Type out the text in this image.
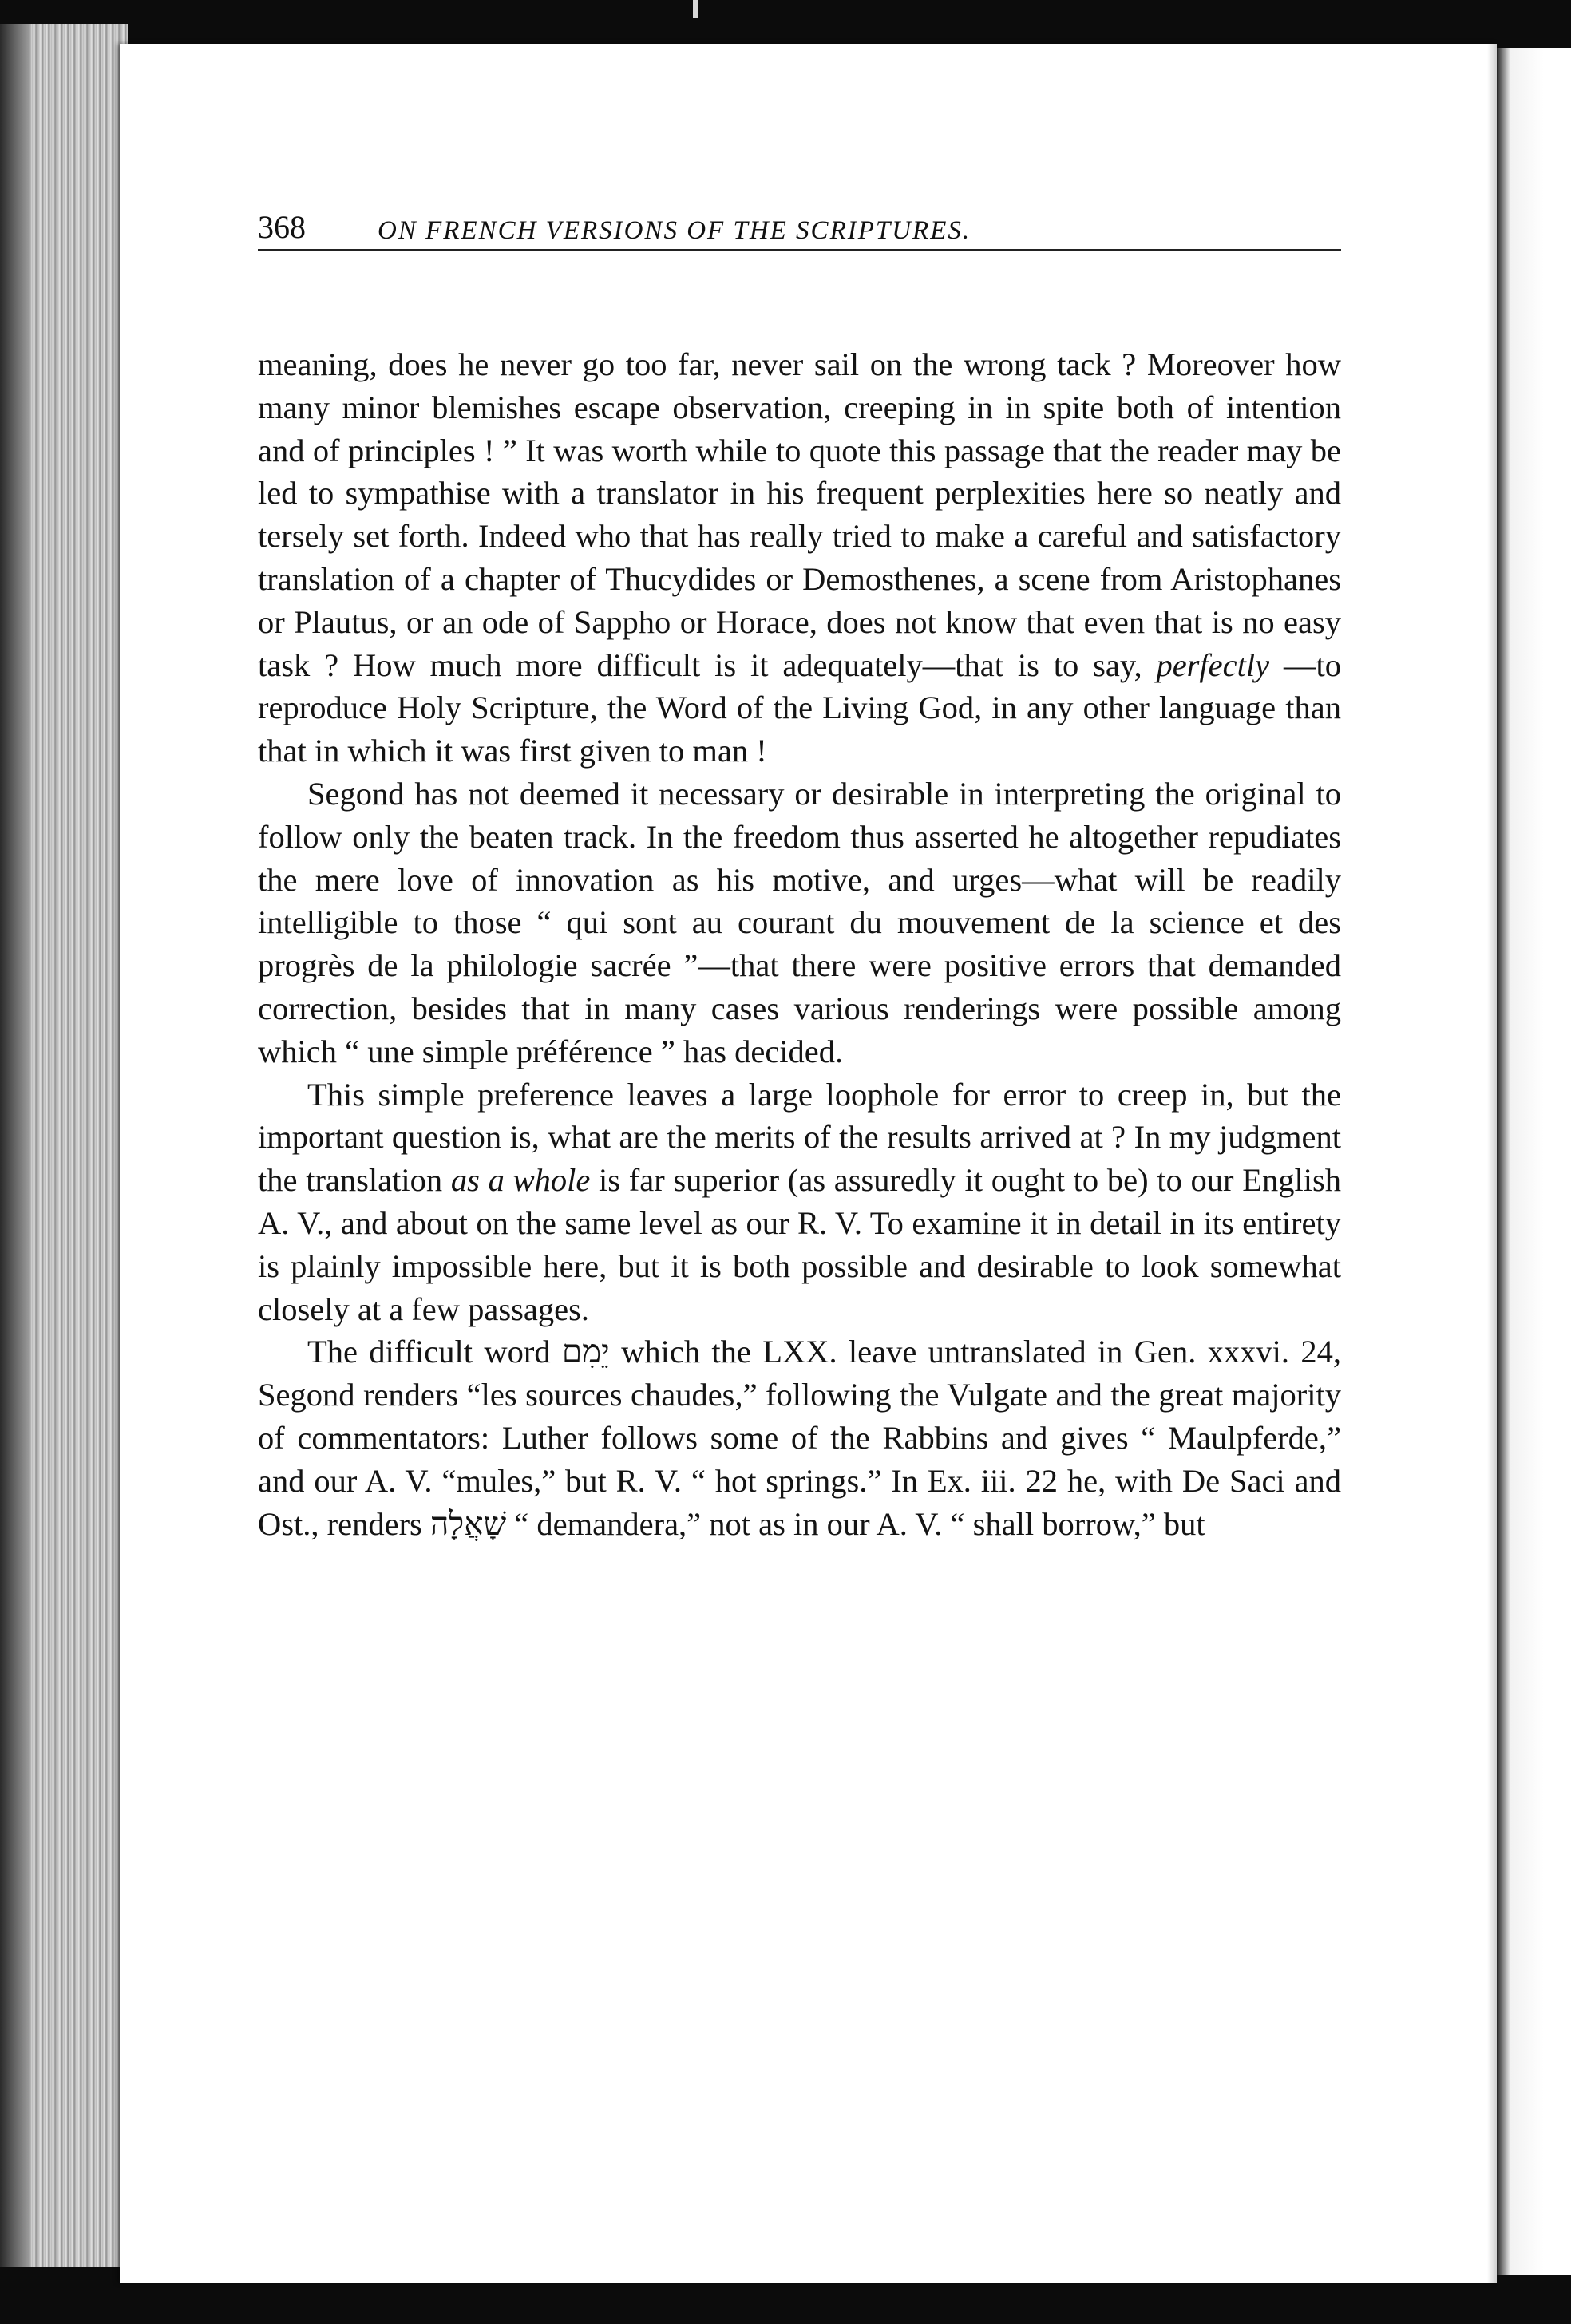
368	ON FRENCH VERSIONS OF THE SCRIPTURES.

meaning, does he never go too far, never sail on the wrong tack ? Moreover how many minor blemishes escape observation, creeping in in spite both of intention and of principles ! ” It was worth while to quote this passage that the reader may be led to sympathise with a translator in his frequent perplexities here so neatly and tersely set forth. Indeed who that has really tried to make a careful and satisfactory translation of a chapter of Thucydides or Demosthenes, a scene from Aristophanes or Plautus, or an ode of Sappho or Horace, does not know that even that is no easy task ? How much more difficult is it adequately—that is to say, perfectly —to reproduce Holy Scripture, the Word of the Living God, in any other language than that in which it was first given to man !

Segond has not deemed it necessary or desirable in interpreting the original to follow only the beaten track. In the freedom thus asserted he altogether repudiates the mere love of innovation as his motive, and urges—what will be readily intelligible to those “ qui sont au courant du mouvement de la science et des progrès de la philologie sacrée ”—that there were positive errors that demanded correction, besides that in many cases various renderings were possible among which “ une simple préférence ” has decided.

This simple preference leaves a large loophole for error to creep in, but the important question is, what are the merits of the results arrived at ? In my judgment the translation as a whole is far superior (as assuredly it ought to be) to our English A. V., and about on the same level as our R. V. To examine it in detail in its entirety is plainly impossible here, but it is both possible and desirable to look somewhat closely at a few passages.

The difficult word יֵמִם which the LXX. leave untranslated in Gen. xxxvi. 24, Segond renders “les sources chaudes,” following the Vulgate and the great majority of commentators: Luther follows some of the Rabbins and gives “ Maulpferde,” and our A. V. “mules,” but R. V. “ hot springs.” In Ex. iii. 22 he, with De Saci and Ost., renders שָׁאֲלָה “ demandera,” not as in our A. V. “ shall borrow,” but
